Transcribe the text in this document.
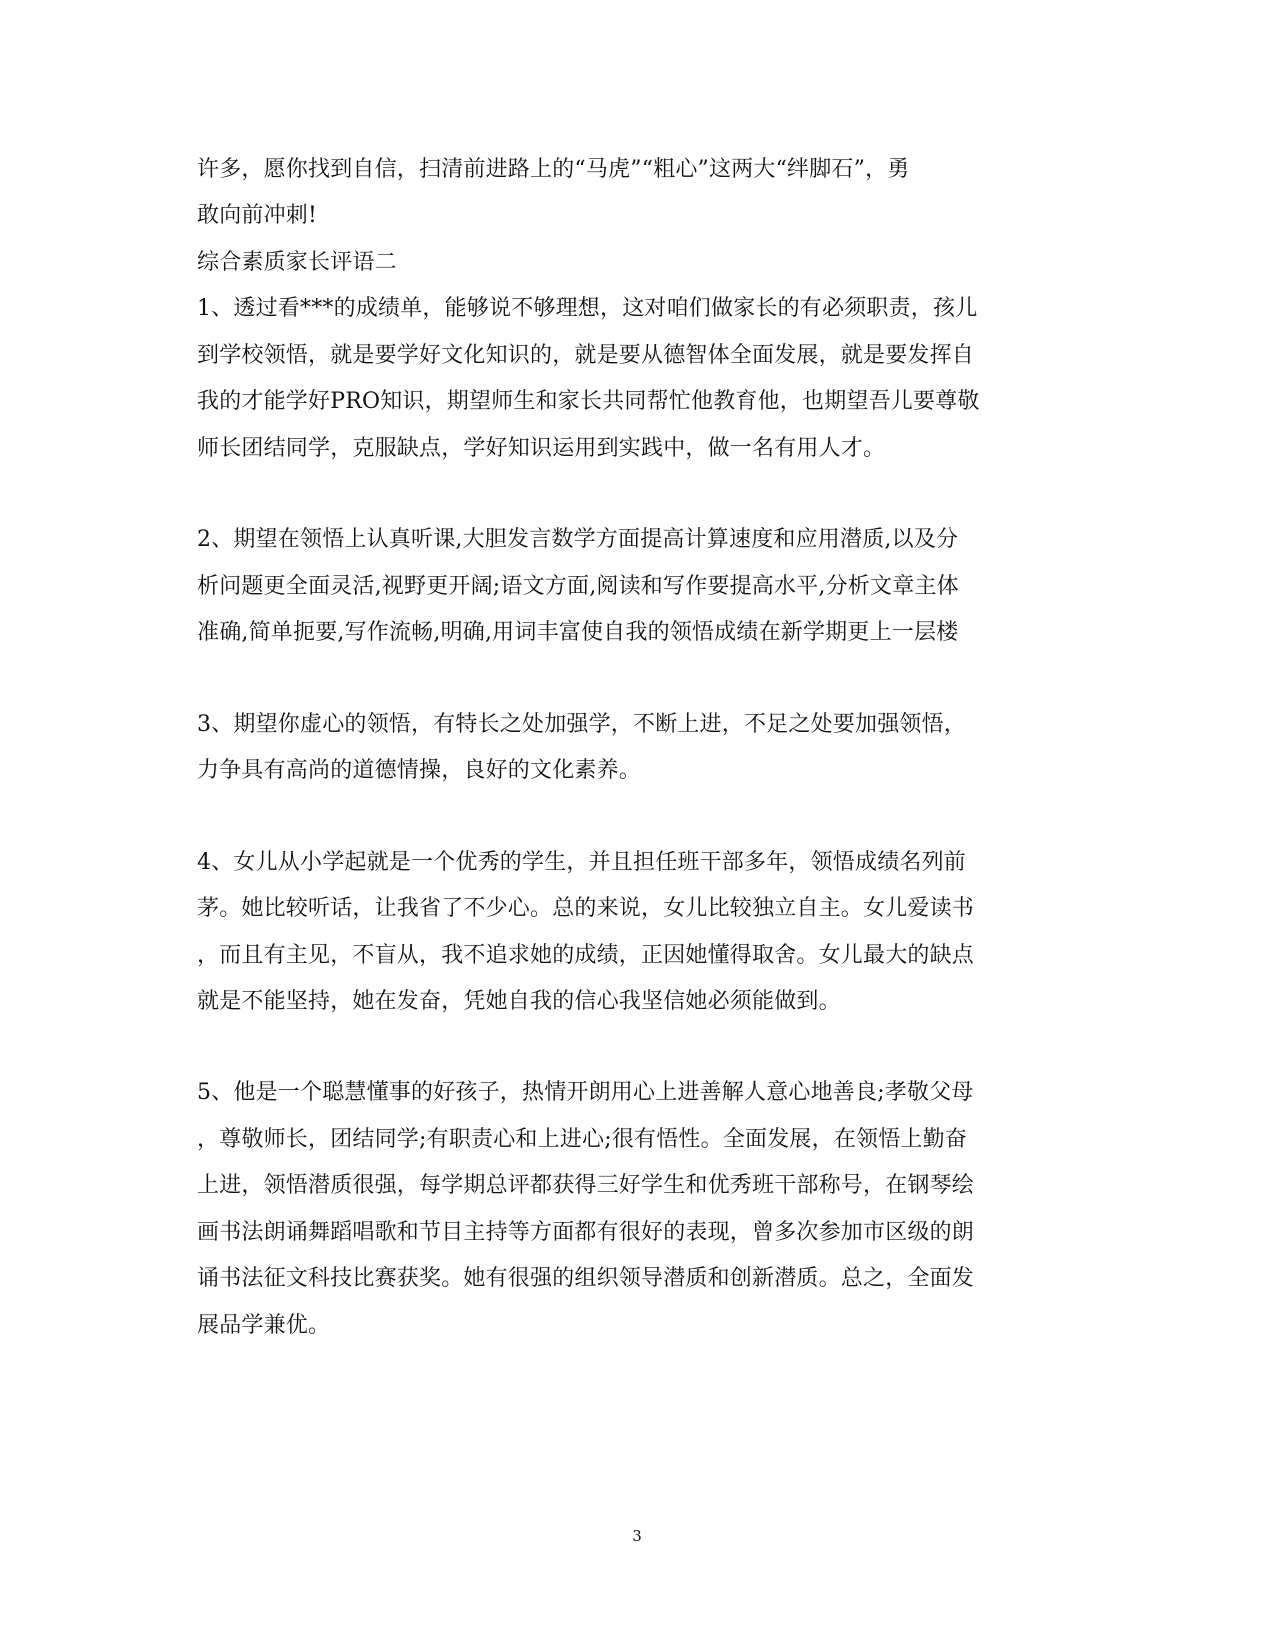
许多，愿你找到自信，扫清前进路上的“马虎”“粗心”这两大“绊脚石”，勇
敢向前冲刺!
综合素质家长评语二
1、透过看***的成绩单，能够说不够理想，这对咱们做家长的有必须职责，孩儿
到学校领悟，就是要学好文化知识的，就是要从德智体全面发展，就是要发挥自
我的才能学好PRO知识，期望师生和家长共同帮忙他教育他，也期望吾儿要尊敬
师长团结同学，克服缺点，学好知识运用到实践中，做一名有用人才。
2、期望在领悟上认真听课,大胆发言数学方面提高计算速度和应用潜质,以及分
析问题更全面灵活,视野更开阔;语文方面,阅读和写作要提高水平,分析文章主体
准确,简单扼要,写作流畅,明确,用词丰富使自我的领悟成绩在新学期更上一层楼
3、期望你虚心的领悟，有特长之处加强学，不断上进，不足之处要加强领悟，
力争具有高尚的道德情操，良好的文化素养。
4、女儿从小学起就是一个优秀的学生，并且担任班干部多年，领悟成绩名列前
茅。她比较听话，让我省了不少心。总的来说，女儿比较独立自主。女儿爱读书
，而且有主见，不盲从，我不追求她的成绩，正因她懂得取舍。女儿最大的缺点
就是不能坚持，她在发奋，凭她自我的信心我坚信她必须能做到。
5、他是一个聪慧懂事的好孩子，热情开朗用心上进善解人意心地善良;孝敬父母
，尊敬师长，团结同学;有职责心和上进心;很有悟性。全面发展，在领悟上勤奋
上进，领悟潜质很强，每学期总评都获得三好学生和优秀班干部称号，在钢琴绘
画书法朗诵舞蹈唱歌和节目主持等方面都有很好的表现，曾多次参加市区级的朗
诵书法征文科技比赛获奖。她有很强的组织领导潜质和创新潜质。总之，全面发
展品学兼优。
3
